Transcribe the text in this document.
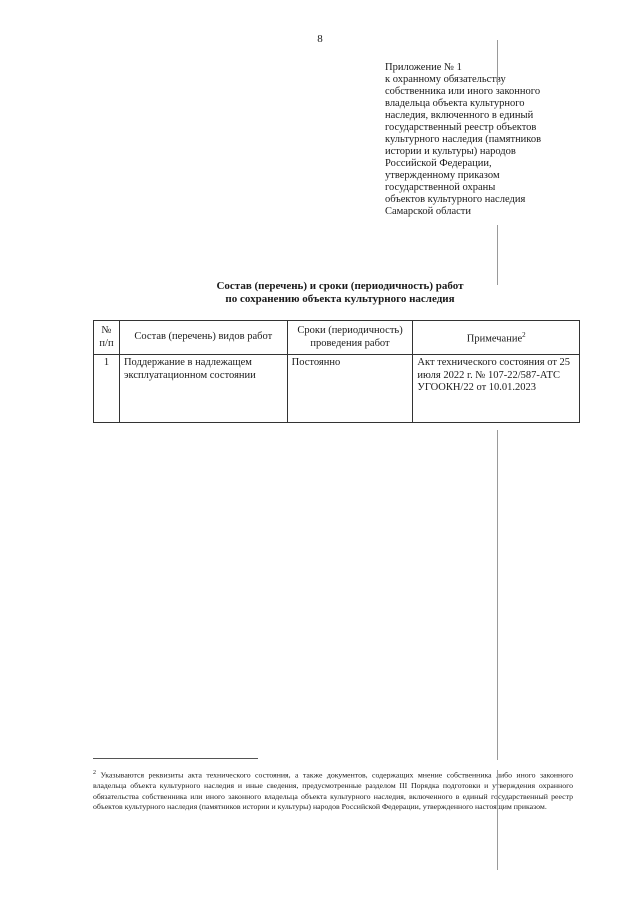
8
Приложение № 1
к охранному обязательству
собственника или иного законного
владельца объекта культурного
наследия, включенного в единый
государственный реестр объектов
культурного наследия (памятников
истории и культуры) народов
Российской Федерации,
утвержденному приказом
государственной охраны
объектов культурного наследия
Самарской области
Состав (перечень) и сроки (периодичность) работ
по сохранению объекта культурного наследия
№ п/п	Состав (перечень) видов работ	Сроки (периодичность) проведения работ	Примечание$^2$
1	Поддержание в надлежащем эксплуатационном состоянии	Постоянно	Акт технического состояния от 25 июля 2022 г. № 107-22/587-АТС УГООКН/22 от 10.01.2023
$^2$ Указываются реквизиты акта технического состояния, а также документов, содержащих мнение собственника либо иного законного владельца объекта культурного наследия и иные сведения, предусмотренные разделом III Порядка подготовки и утверждения охранного обязательства собственника или иного законного владельца объекта культурного наследия, включенного в единый государственный реестр объектов культурного наследия (памятников истории и культуры) народов Российской Федерации, утвержденного настоящим приказом.
